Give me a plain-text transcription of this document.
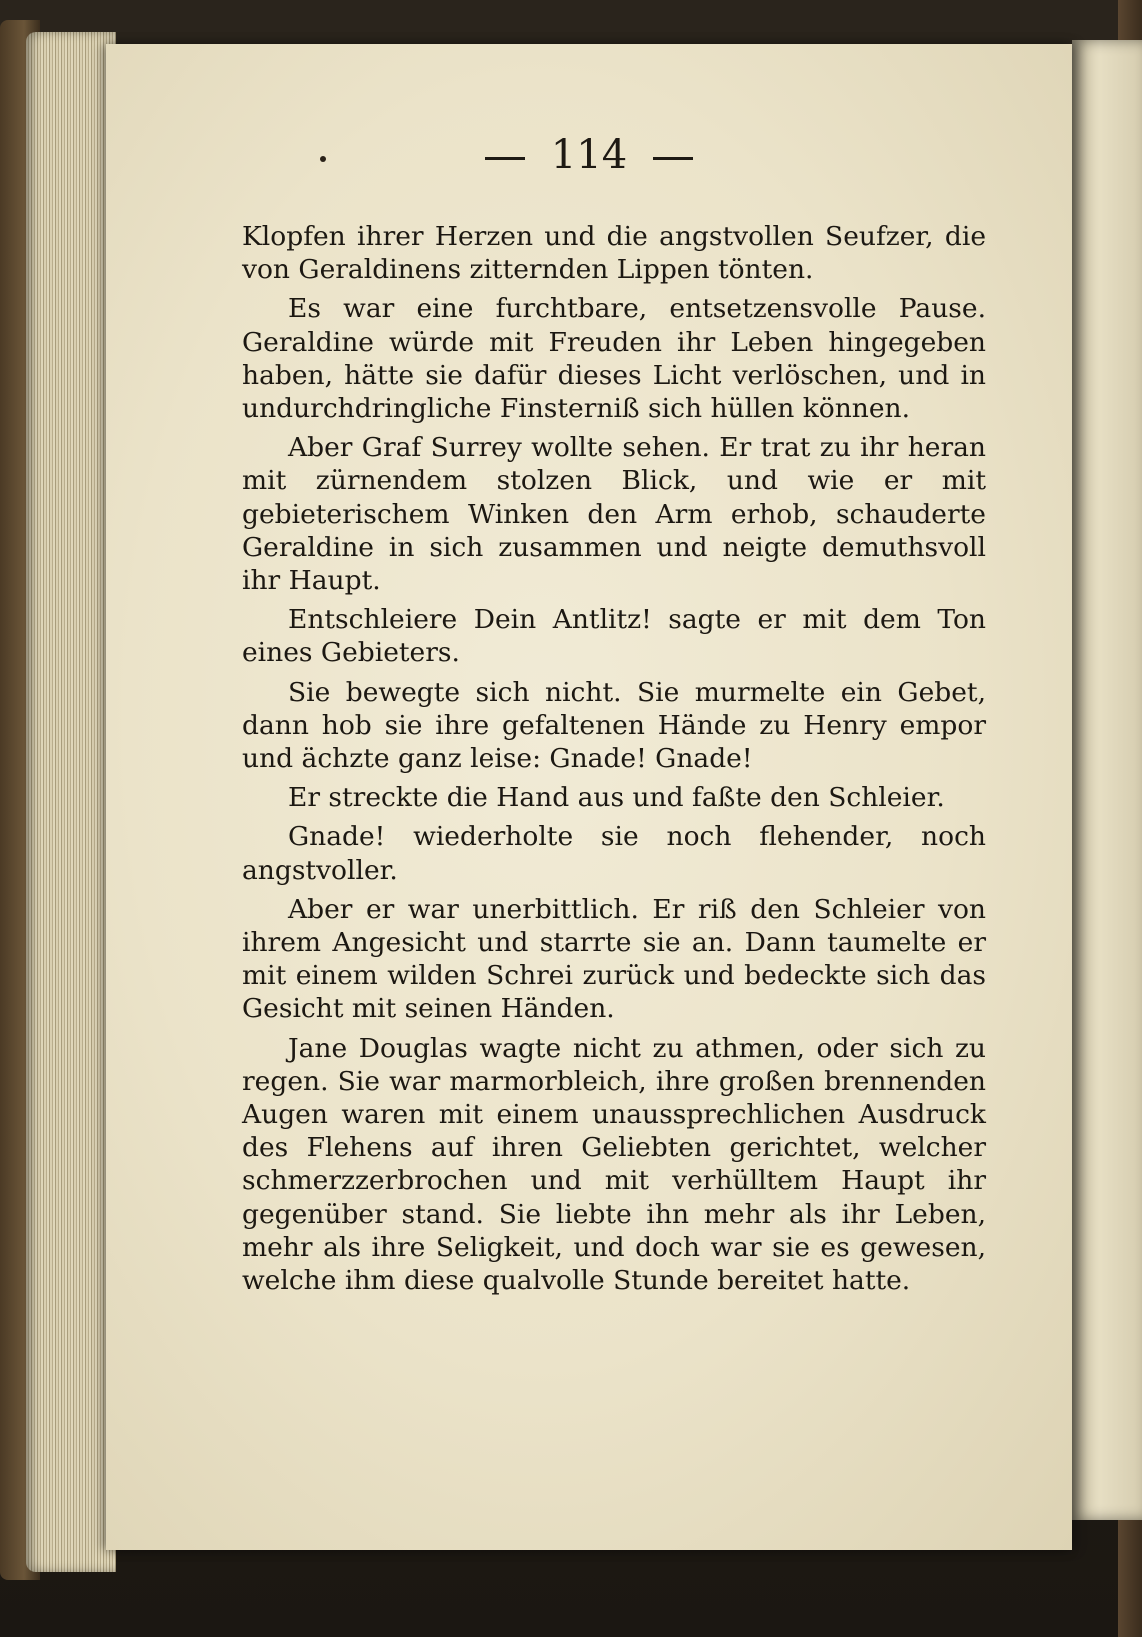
114

Klopfen ihrer Herzen und die angstvollen Seufzer, die von Geraldinens zitternden Lippen tönten.

Es war eine furchtbare, entsetzensvolle Pause. Geraldine würde mit Freuden ihr Leben hingegeben haben, hätte sie dafür dieses Licht verlöschen, und in undurchdringliche Finsterniß sich hüllen können.

Aber Graf Surrey wollte sehen. Er trat zu ihr heran mit zürnendem stolzen Blick, und wie er mit gebieterischem Winken den Arm erhob, schauderte Geraldine in sich zusammen und neigte demuthsvoll ihr Haupt.

Entschleiere Dein Antlitz! sagte er mit dem Ton eines Gebieters.

Sie bewegte sich nicht. Sie murmelte ein Gebet, dann hob sie ihre gefaltenen Hände zu Henry empor und ächzte ganz leise: Gnade! Gnade!

Er streckte die Hand aus und faßte den Schleier.

Gnade! wiederholte sie noch flehender, noch angstvoller.

Aber er war unerbittlich. Er riß den Schleier von ihrem Angesicht und starrte sie an. Dann taumelte er mit einem wilden Schrei zurück und bedeckte sich das Gesicht mit seinen Händen.

Jane Douglas wagte nicht zu athmen, oder sich zu regen. Sie war marmorbleich, ihre großen brennenden Augen waren mit einem unaussprechlichen Ausdruck des Flehens auf ihren Geliebten gerichtet, welcher schmerzzerbrochen und mit verhülltem Haupt ihr gegenüber stand. Sie liebte ihn mehr als ihr Leben, mehr als ihre Seligkeit, und doch war sie es gewesen, welche ihm diese qualvolle Stunde bereitet hatte.
